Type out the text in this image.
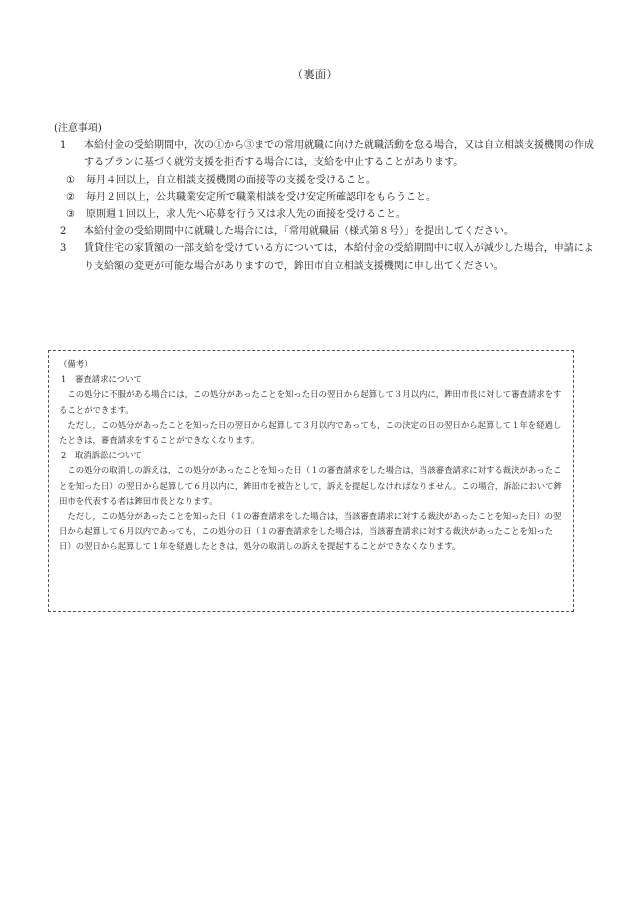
（裏面）

(注意事項)

1 本給付金の受給期間中，次の①から③までの常用就職に向けた就職活動を怠る場合，又は自立相談支援機関の作成するプランに基づく就労支援を拒否する場合には，支給を中止することがあります。
① 毎月４回以上，自立相談支援機関の面接等の支援を受けること。
② 毎月２回以上，公共職業安定所で職業相談を受け安定所確認印をもらうこと。
③ 原則週１回以上，求人先へ応募を行う又は求人先の面接を受けること。
2 本給付金の受給期間中に就職した場合には，「常用就職届（様式第８号）」を提出してください。
3 賃貸住宅の家賃額の一部支給を受けている方については，本給付金の受給期間中に収入が減少した場合，申請により支給額の変更が可能な場合がありますので，鉾田市自立相談支援機関に申し出てください。

（備考）

1 審査請求について

この処分に不服がある場合には，この処分があったことを知った日の翌日から起算して３月以内に，鉾田市長に対して審査請求をすることができます。

ただし，この処分があったことを知った日の翌日から起算して３月以内であっても，この決定の日の翌日から起算して１年を経過したときは，審査請求をすることができなくなります。

2 取消訴訟について

この処分の取消しの訴えは，この処分があったことを知った日（１の審査請求をした場合は，当該審査請求に対する裁決があったことを知った日）の翌日から起算して６月以内に，鉾田市を被告として，訴えを提起しなければなりません。この場合，訴訟において鉾田市を代表する者は鉾田市長となります。

ただし，この処分があったことを知った日（１の審査請求をした場合は，当該審査請求に対する裁決があったことを知った日）の翌日から起算して６月以内であっても，この処分の日（１の審査請求をした場合は，当該審査請求に対する裁決があったことを知った日）の翌日から起算して１年を経過したときは，処分の取消しの訴えを提起することができなくなります。
